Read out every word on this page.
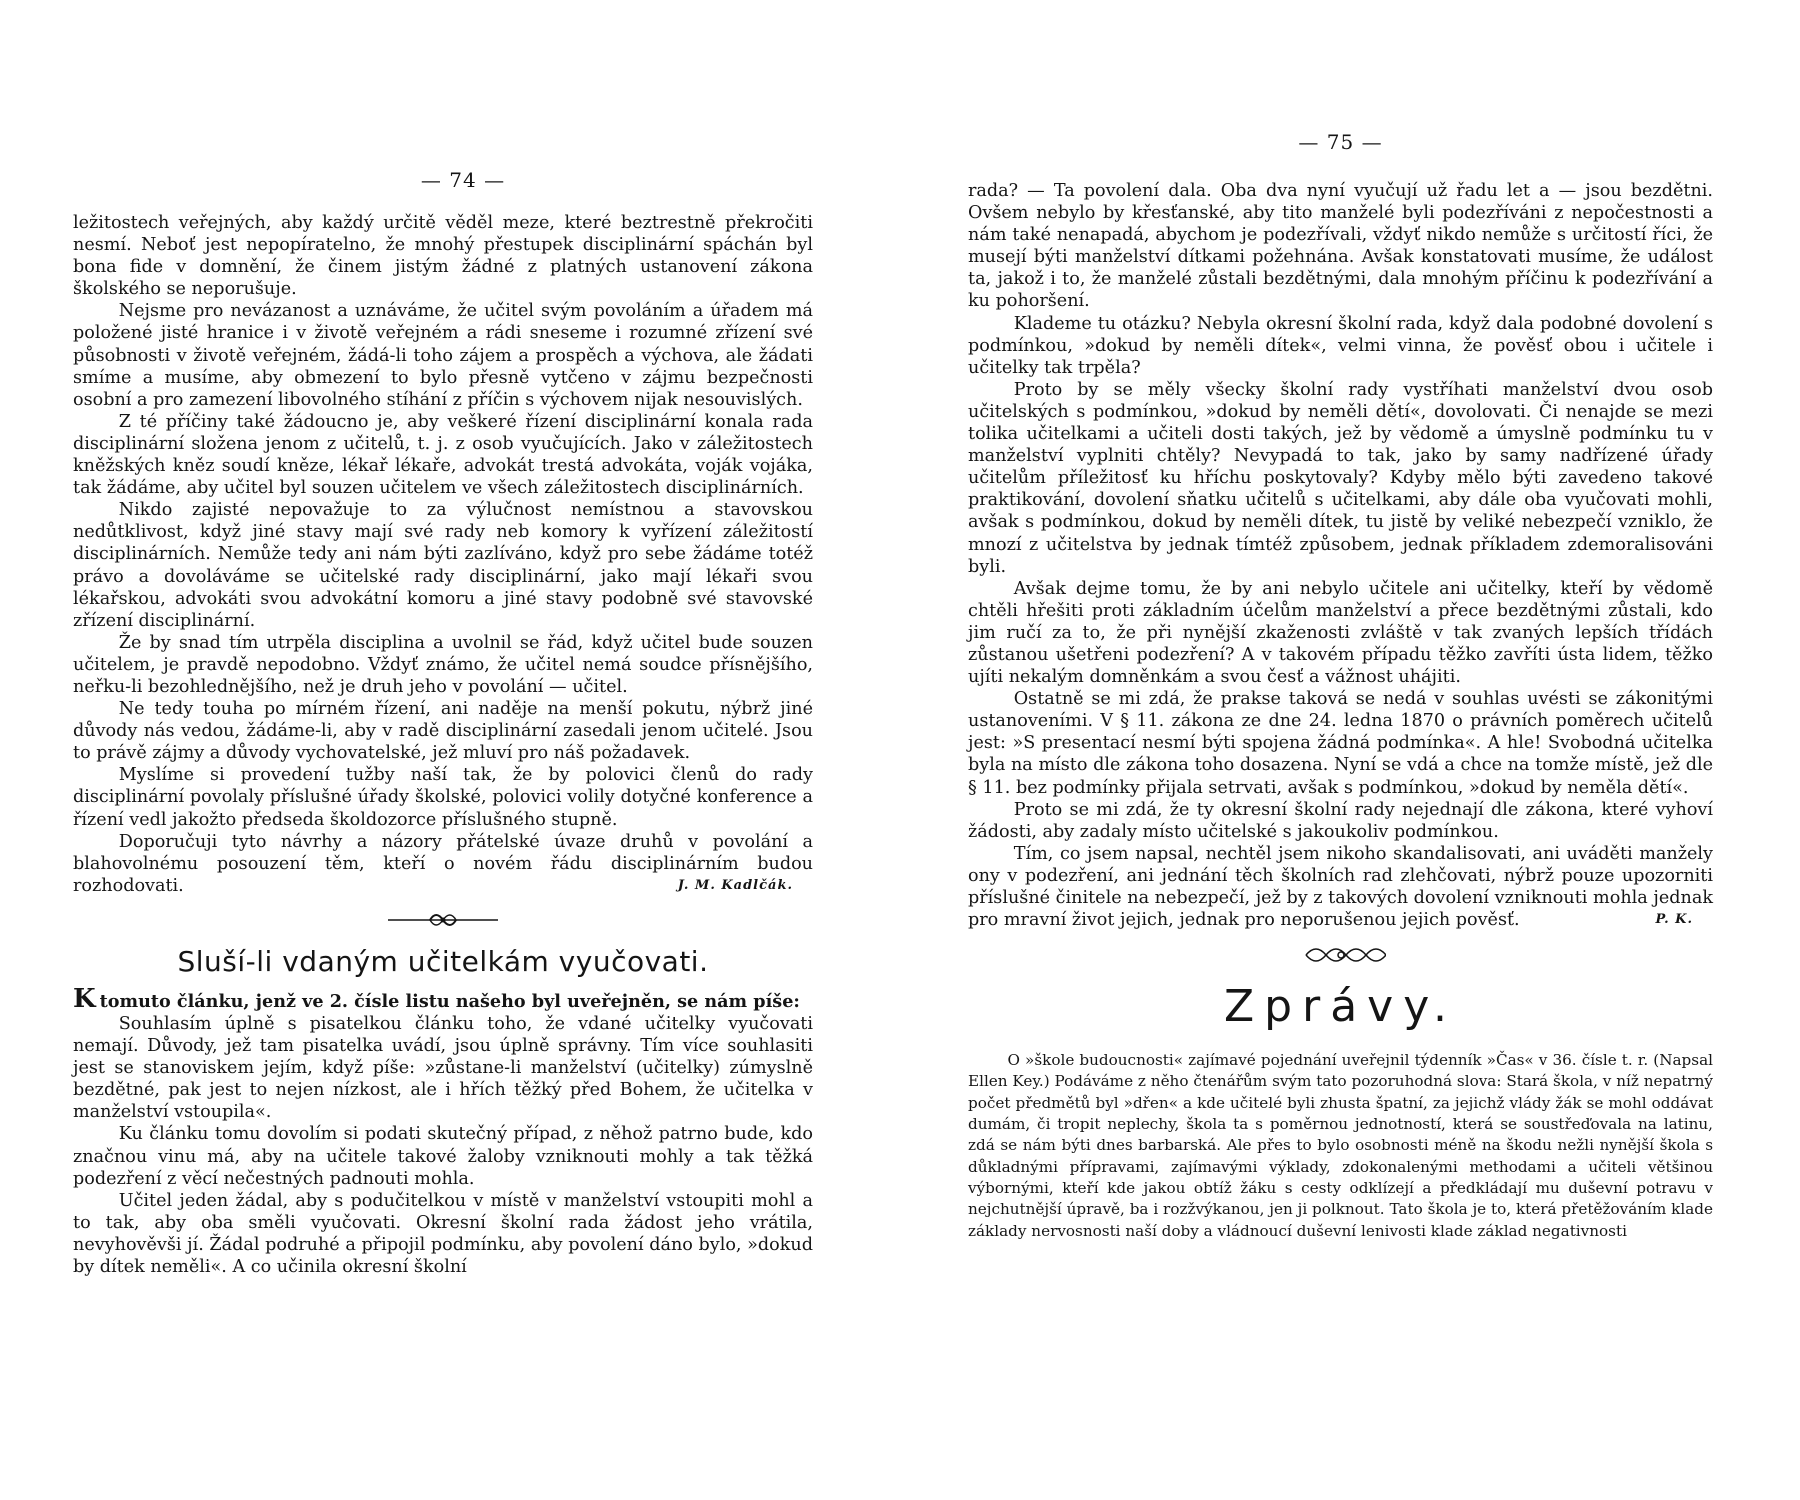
— 74 —

ležitostech veřejných, aby každý určitě věděl meze, které beztrestně překročiti nesmí. Neboť jest nepopíratelno, že mnohý přestupek disciplinární spáchán byl bona fide v domnění, že činem jistým žádné z platných ustanovení zákona školského se neporušuje.

Nejsme pro nevázanost a uznáváme, že učitel svým povoláním a úřadem má položené jisté hranice i v životě veřejném a rádi sneseme i rozumné zřízení své působnosti v životě veřejném, žádá-li toho zájem a prospěch a výchova, ale žádati smíme a musíme, aby obmezení to bylo přesně vytčeno v zájmu bezpečnosti osobní a pro zamezení libovolného stíhání z příčin s výchovem nijak nesouvislých.

Z té příčiny také žádoucno je, aby veškeré řízení disciplinární konala rada disciplinární složena jenom z učitelů, t. j. z osob vyučujících. Jako v záležitostech kněžských kněz soudí kněze, lékař lékaře, advokát trestá advokáta, voják vojáka, tak žádáme, aby učitel byl souzen učitelem ve všech záležitostech disciplinárních.

Nikdo zajisté nepovažuje to za výlučnost nemístnou a stavovskou nedůtklivost, když jiné stavy mají své rady neb komory k vyřízení záležitostí disciplinárních. Nemůže tedy ani nám býti zazlíváno, když pro sebe žádáme totéž právo a dovoláváme se učitelské rady disciplinární, jako mají lékaři svou lékařskou, advokáti svou advokátní komoru a jiné stavy podobně své stavovské zřízení disciplinární.

Že by snad tím utrpěla disciplina a uvolnil se řád, když učitel bude souzen učitelem, je pravdě nepodobno. Vždyť známo, že učitel nemá soudce přísnějšího, neřku-li bezohlednějšího, než je druh jeho v povolání — učitel.

Ne tedy touha po mírném řízení, ani naděje na menší pokutu, nýbrž jiné důvody nás vedou, žádáme-li, aby v radě disciplinární zasedali jenom učitelé. Jsou to právě zájmy a důvody vychovatelské, jež mluví pro náš požadavek.

Myslíme si provedení tužby naší tak, že by polovici členů do rady disciplinární povolaly příslušné úřady školské, polovici volily dotyčné konference a řízení vedl jakožto předseda školdozorce příslušného stupně.

Doporučuji tyto návrhy a názory přátelské úvaze druhů v povolání a blahovolnému posouzení těm, kteří o novém řádu disciplinárním budou rozhodovati.	J. M. Kadlčák.

Sluší-li vdaným učitelkám vyučovati.

K tomuto článku, jenž ve 2. čísle listu našeho byl uveřejněn, se nám píše:

Souhlasím úplně s pisatelkou článku toho, že vdané učitelky vyučovati nemají. Důvody, jež tam pisatelka uvádí, jsou úplně správny. Tím více souhlasiti jest se stanoviskem jejím, když píše: »zůstane-li manželství (učitelky) zúmyslně bezdětné, pak jest to nejen nízkost, ale i hřích těžký před Bohem, že učitelka v manželství vstoupila«.

Ku článku tomu dovolím si podati skutečný případ, z něhož patrno bude, kdo značnou vinu má, aby na učitele takové žaloby vzniknouti mohly a tak těžká podezření z věcí nečestných padnouti mohla.

Učitel jeden žádal, aby s podučitelkou v místě v manželství vstoupiti mohl a to tak, aby oba směli vyučovati. Okresní školní rada žádost jeho vrátila, nevyhověvši jí. Žádal podruhé a připojil podmínku, aby povolení dáno bylo, »dokud by dítek neměli«. A co učinila okresní školní

— 75 —

rada? — Ta povolení dala. Oba dva nyní vyučují už řadu let a — jsou bezdětni. Ovšem nebylo by křesťanské, aby tito manželé byli podezříváni z nepočestnosti a nám také nenapadá, abychom je podezřívali, vždyť nikdo nemůže s určitostí říci, že musejí býti manželství dítkami požehnána. Avšak konstatovati musíme, že událost ta, jakož i to, že manželé zůstali bezdětnými, dala mnohým příčinu k podezřívání a ku pohoršení.

Klademe tu otázku? Nebyla okresní školní rada, když dala podobné dovolení s podmínkou, »dokud by neměli dítek«, velmi vinna, že pověsť obou i učitele i učitelky tak trpěla?

Proto by se měly všecky školní rady vystříhati manželství dvou osob učitelských s podmínkou, »dokud by neměli dětí«, dovolovati. Či nenajde se mezi tolika učitelkami a učiteli dosti takých, jež by vědomě a úmyslně podmínku tu v manželství vyplniti chtěly? Nevypadá to tak, jako by samy nadřízené úřady učitelům příležitosť ku hříchu poskytovaly? Kdyby mělo býti zavedeno takové praktikování, dovolení sňatku učitelů s učitelkami, aby dále oba vyučovati mohli, avšak s podmínkou, dokud by neměli dítek, tu jistě by veliké nebezpečí vzniklo, že mnozí z učitelstva by jednak tímtéž způsobem, jednak příkladem zdemoralisováni byli.

Avšak dejme tomu, že by ani nebylo učitele ani učitelky, kteří by vědomě chtěli hřešiti proti základním účelům manželství a přece bezdětnými zůstali, kdo jim ručí za to, že při nynější zkaženosti zvláště v tak zvaných lepších třídách zůstanou ušetřeni podezření? A v takovém případu těžko zavříti ústa lidem, těžko ujíti nekalým domněnkám a svou česť a vážnost uhájiti.

Ostatně se mi zdá, že prakse taková se nedá v souhlas uvésti se zákonitými ustanoveními. V § 11. zákona ze dne 24. ledna 1870 o právních poměrech učitelů jest: »S presentací nesmí býti spojena žádná podmínka«. A hle! Svobodná učitelka byla na místo dle zákona toho dosazena. Nyní se vdá a chce na tomže místě, jež dle § 11. bez podmínky přijala setrvati, avšak s podmínkou, »dokud by neměla dětí«.

Proto se mi zdá, že ty okresní školní rady nejednají dle zákona, které vyhoví žádosti, aby zadaly místo učitelské s jakoukoliv podmínkou.

Tím, co jsem napsal, nechtěl jsem nikoho skandalisovati, ani uváděti manžely ony v podezření, ani jednání těch školních rad zlehčovati, nýbrž pouze upozorniti příslušné činitele na nebezpečí, jež by z takových dovolení vzniknouti mohla jednak pro mravní život jejich, jednak pro neporušenou jejich pověsť.	P. K.

Zprávy.

O »škole budoucnosti« zajímavé pojednání uveřejnil týdenník »Čas« v 36. čísle t. r. (Napsal Ellen Key.) Podáváme z něho čtenářům svým tato pozoruhodná slova: Stará škola, v níž nepatrný počet předmětů byl »dřen« a kde učitelé byli zhusta špatní, za jejichž vlády žák se mohl oddávat dumám, či tropit neplechy, škola ta s poměrnou jednotností, která se soustřeďovala na latinu, zdá se nám býti dnes barbarská. Ale přes to bylo osobnosti méně na škodu nežli nynější škola s důkladnými přípravami, zajímavými výklady, zdokonalenými methodami a učiteli většinou výbornými, kteří kde jakou obtíž žáku s cesty odklízejí a předkládají mu duševní potravu v nejchutnější úpravě, ba i rozžvýkanou, jen ji polknout. Tato škola je to, která přetěžováním klade základy nervosnosti naší doby a vládnoucí duševní lenivosti klade základ negativnosti
